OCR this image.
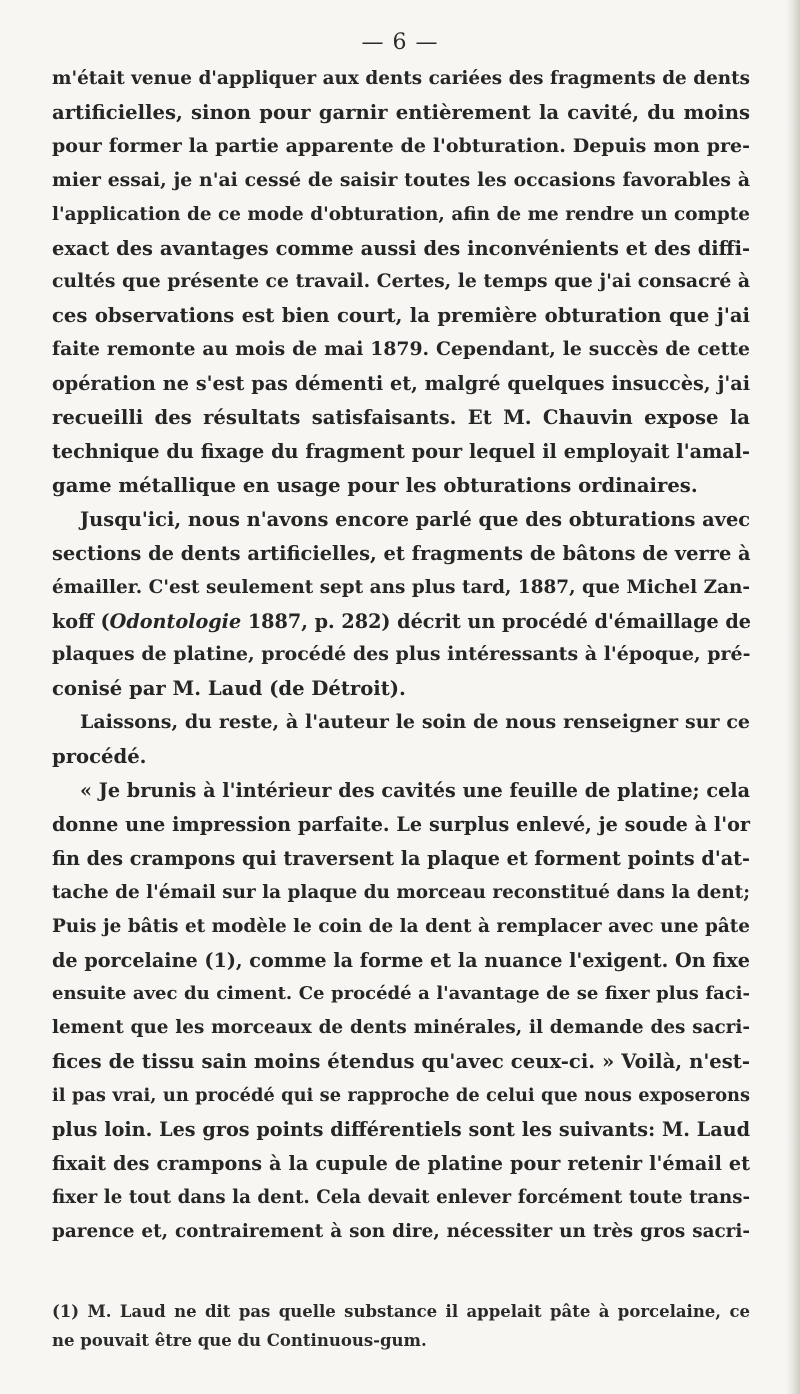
— 6 —

m'était venue d'appliquer aux dents cariées des fragments de dents
artificielles, sinon pour garnir entièrement la cavité, du moins
pour former la partie apparente de l'obturation. Depuis mon pre-
mier essai, je n'ai cessé de saisir toutes les occasions favorables à
l'application de ce mode d'obturation, afin de me rendre un compte
exact des avantages comme aussi des inconvénients et des diffi-
cultés que présente ce travail. Certes, le temps que j'ai consacré à
ces observations est bien court, la première obturation que j'ai
faite remonte au mois de mai 1879. Cependant, le succès de cette
opération ne s'est pas démenti et, malgré quelques insuccès, j'ai
recueilli des résultats satisfaisants. Et M. Chauvin expose la
technique du fixage du fragment pour lequel il employait l'amal-
game métallique en usage pour les obturations ordinaires.

Jusqu'ici, nous n'avons encore parlé que des obturations avec

sections de dents artificielles, et fragments de bâtons de verre à
émailler. C'est seulement sept ans plus tard, 1887, que Michel Zan-
koff (Odontologie 1887, p. 282) décrit un procédé d'émaillage de
plaques de platine, procédé des plus intéressants à l'époque, pré-
conisé par M. Laud (de Détroit).

Laissons, du reste, à l'auteur le soin de nous renseigner sur ce

procédé.

« Je brunis à l'intérieur des cavités une feuille de platine; cela

donne une impression parfaite. Le surplus enlevé, je soude à l'or
fin des crampons qui traversent la plaque et forment points d'at-
tache de l'émail sur la plaque du morceau reconstitué dans la dent;
Puis je bâtis et modèle le coin de la dent à remplacer avec une pâte
de porcelaine (1), comme la forme et la nuance l'exigent. On fixe
ensuite avec du ciment. Ce procédé a l'avantage de se fixer plus faci-
lement que les morceaux de dents minérales, il demande des sacri-
fices de tissu sain moins étendus qu'avec ceux-ci. » Voilà, n'est-
il pas vrai, un procédé qui se rapproche de celui que nous exposerons
plus loin. Les gros points différentiels sont les suivants: M. Laud
fixait des crampons à la cupule de platine pour retenir l'émail et
fixer le tout dans la dent. Cela devait enlever forcément toute trans-
parence et, contrairement à son dire, nécessiter un très gros sacri-

(1) M. Laud ne dit pas quelle substance il appelait pâte à porcelaine, ce
ne pouvait être que du Continuous-gum.
